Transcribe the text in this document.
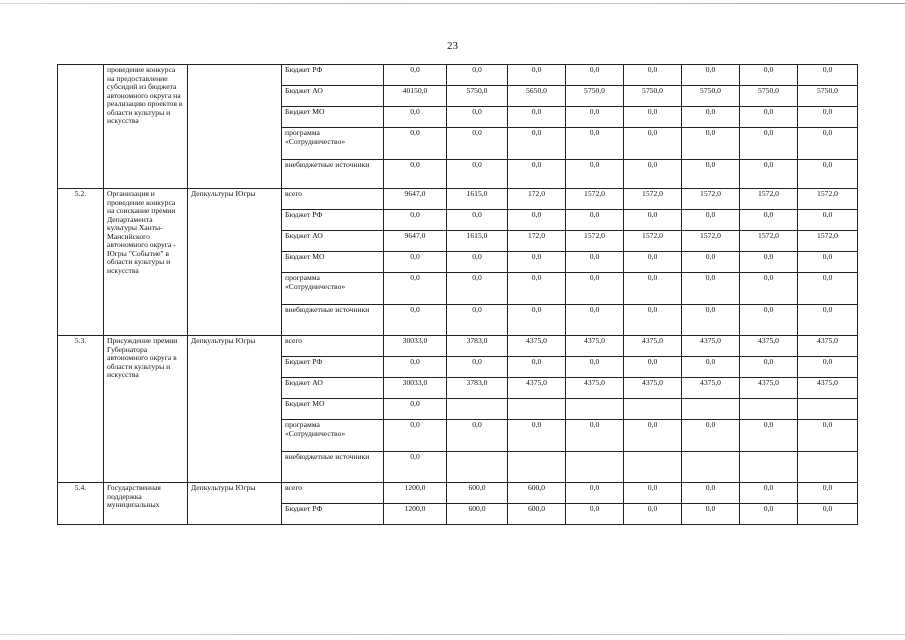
23
	проведение конкурса на предоставление субсидий из бюджета автономного округа на реализацию проектов в области культуры и искусства		Бюджет РФ	0,0	0,0	0,0	0,0	0,0	0,0	0,0	0,0
			Бюджет АО	40150,0	5750,0	5650,0	5750,0	5750,0	5750,0	5750,0	5750,0
			Бюджет МО	0,0	0,0	0,0	0,0	0,0	0,0	0,0	0,0
			программа «Сотрудничество»	0,0	0,0	0,0	0,0	0,0	0,0	0,0	0,0
			внебюджетные источники	0,0	0,0	0,0	0,0	0,0	0,0	0,0	0,0
5.2.	Организация и проведение конкурса на соискание премии Департамента культуры Ханты-Мансийского автономного округа - Югры "Событие" в области культуры и искусства	Депкультуры Югры	всего	9647,0	1615,0	172,0	1572,0	1572,0	1572,0	1572,0	1572,0
			Бюджет РФ	0,0	0,0	0,0	0,0	0,0	0,0	0,0	0,0
			Бюджет АО	9647,0	1615,0	172,0	1572,0	1572,0	1572,0	1572,0	1572,0
			Бюджет МО	0,0	0,0	0,0	0,0	0,0	0,0	0,0	0,0
			программа «Сотрудничество»	0,0	0,0	0,0	0,0	0,0	0,0	0,0	0,0
			внебюджетные источники	0,0	0,0	0,0	0,0	0,0	0,0	0,0	0,0
5.3.	Присуждение премии Губернатора автономного округа в области культуры и искусства	Депкультуры Югры	всего	30033,0	3783,0	4375,0	4375,0	4375,0	4375,0	4375,0	4375,0
			Бюджет РФ	0,0	0,0	0,0	0,0	0,0	0,0	0,0	0,0
			Бюджет АО	30033,0	3783,0	4375,0	4375,0	4375,0	4375,0	4375,0	4375,0
			Бюджет МО	0,0							
			программа «Сотрудничество»	0,0	0,0	0,0	0,0	0,0	0,0	0,0	0,0
			внебюджетные источники	0,0							
5.4.	Государственная поддержка муниципальных	Депкультуры Югры	всего	1200,0	600,0	600,0	0,0	0,0	0,0	0,0	0,0
			Бюджет РФ	1200,0	600,0	600,0	0,0	0,0	0,0	0,0	0,0
